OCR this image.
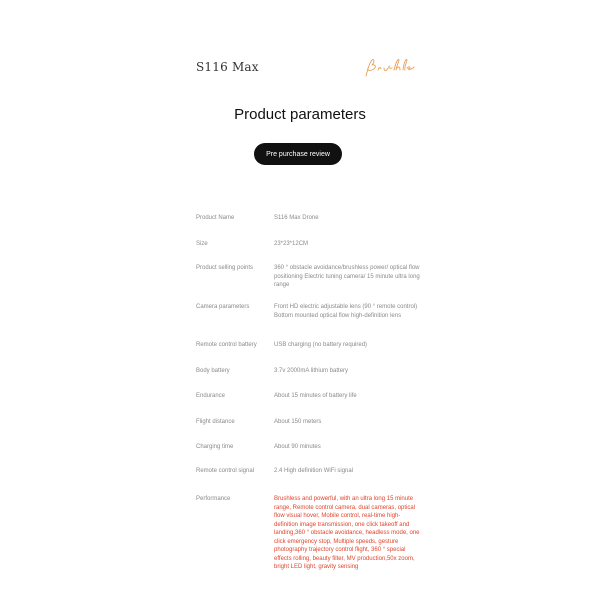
S116 Max
Product parameters
Pre purchase review
Product Name	S116 Max Drone
Size	23*23*12CM
Product selling points	360 ° obstacle avoidance/brushless power/ optical flow positioning Electric tuning camera/ 15 minute ultra long range
Camera parameters	Front HD electric adjustable lens (90 ° remote control) Bottom mounted optical flow high-definition lens
Remote control battery	USB charging (no battery required)
Body battery	3.7v 2000mA lithium battery
Endurance	About 15 minutes of battery life
Flight distance	About 150 meters
Charging time	About 90 minutes
Remote control signal	2.4 High definition WiFi signal
Performance	Brushless and powerful, with an ultra long 15 minute range, Remote control camera, dual cameras, optical flow visual hover, Mobile control, real-time high-definition image transmission, one click takeoff and landing,360 ° obstacle avoidance, headless mode, one click emergency stop, Multiple speeds, gesture photography trajectory control flight, 360 ° special effects rolling, beauty filter, MV production,50x zoom, bright LED light, gravity sensing
